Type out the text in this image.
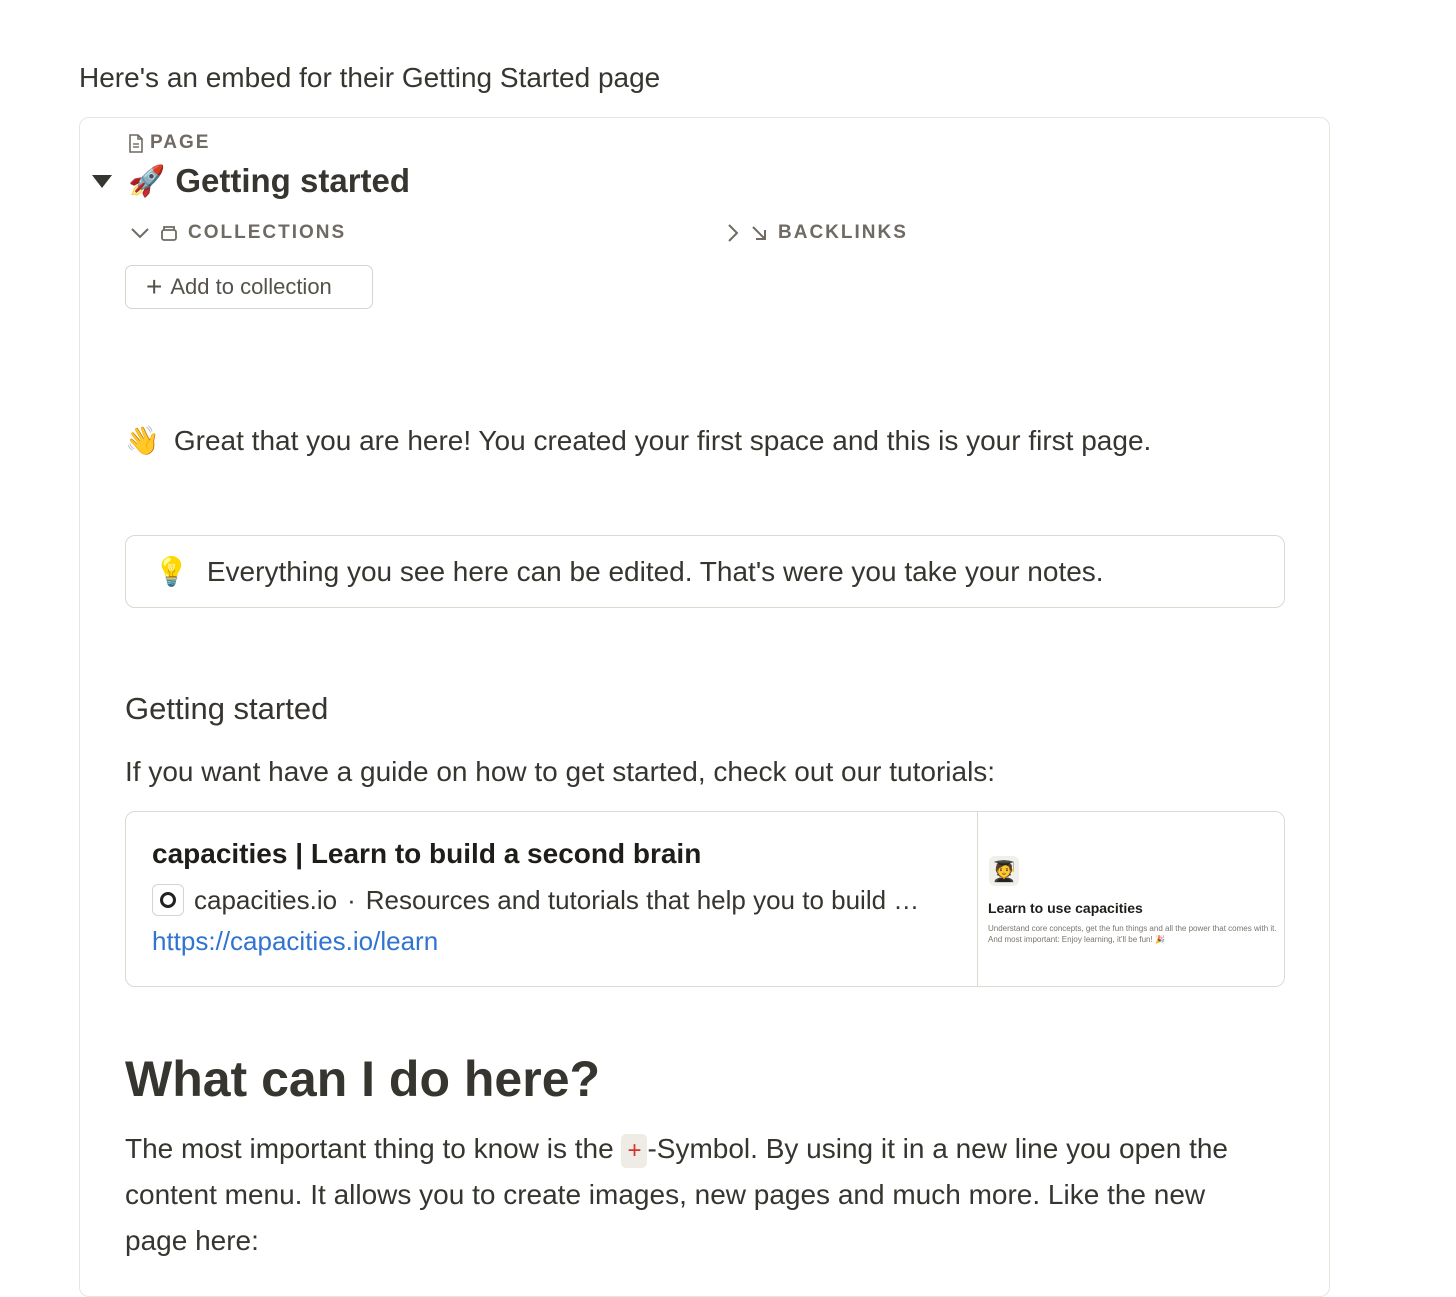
Here's an embed for their Getting Started page

PAGE
🚀 Getting started
COLLECTIONS	BACKLINKS
+ Add to collection
👋 Great that you are here! You created your first space and this is your first page.
💡 Everything you see here can be edited. That's were you take your notes.
Getting started
If you want have a guide on how to get started, check out our tutorials:
capacities | Learn to build a second brain
capacities.io · Resources and tutorials that help you to build …
https://capacities.io/learn
🧑‍🎓
Learn to use capacities
Understand core concepts, get the fun things and all the power that comes with it. And most important: Enjoy learning, it'll be fun! 🎉
What can I do here?

The most important thing to know is the + -Symbol. By using it in a new line you open the content menu. It allows you to create images, new pages and much more. Like the new page here:
